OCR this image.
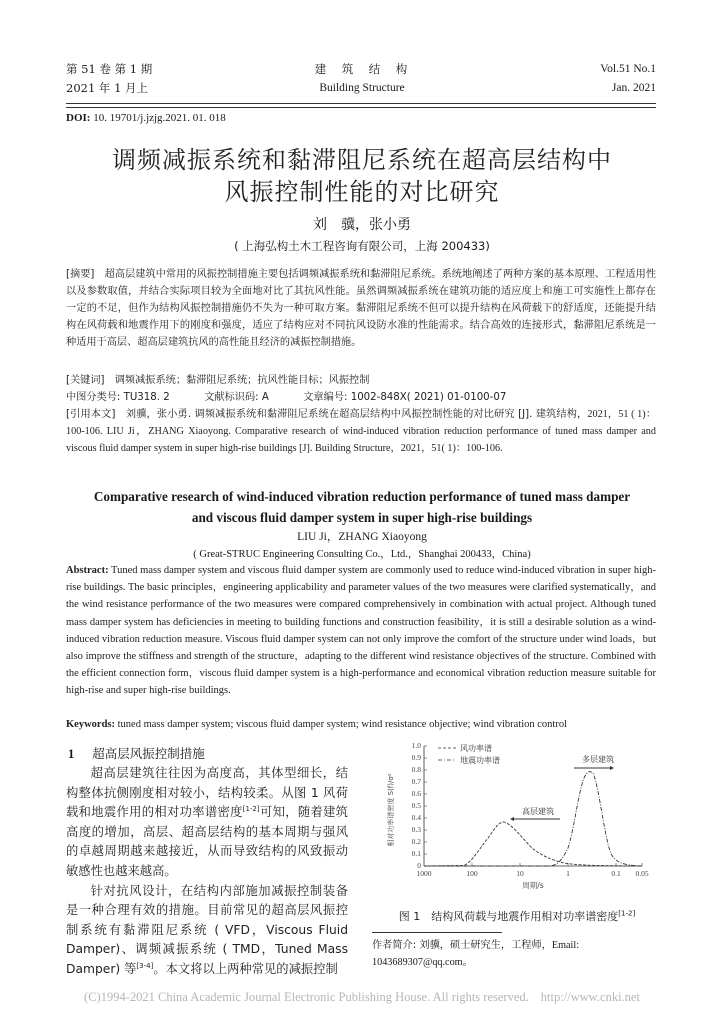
第 51 卷 第 1 期
2021 年 1 月上
建　筑　结　构
Building Structure
Vol.51 No.1
Jan. 2021
DOI: 10. 19701/j.jzjg.2021. 01. 018
调频减振系统和黏滞阻尼系统在超高层结构中
风振控制性能的对比研究
刘　骥，张小勇
( 上海弘构土木工程咨询有限公司，上海 200433)
[摘要]　超高层建筑中常用的风振控制措施主要包括调频减振系统和黏滞阻尼系统。系统地阐述了两种方案的基本原理、工程适用性以及参数取值，并结合实际项目较为全面地对比了其抗风性能。虽然调频减振系统在建筑功能的适应度上和施工可实施性上都存在一定的不足，但作为结构风振控制措施仍不失为一种可取方案。黏滞阻尼系统不但可以提升结构在风荷载下的舒适度，还能提升结构在风荷载和地震作用下的刚度和强度，适应了结构应对不同抗风设防水准的性能需求。结合高效的连接形式，黏滞阻尼系统是一种适用于高层、超高层建筑抗风的高性能且经济的减振控制措施。
[关键词]　调频减振系统；黏滞阻尼系统；抗风性能目标；风振控制
中图分类号: TU318. 2	文献标识码: A	文章编号: 1002-848X( 2021) 01-0100-07
[引用本文]　刘骥，张小勇. 调频减振系统和黏滞阻尼系统在超高层结构中风振控制性能的对比研究 [J]. 建筑结构，2021，51 ( 1)：100-106. LIU Ji，ZHANG Xiaoyong. Comparative research of wind-induced vibration reduction performance of tuned mass damper and viscous fluid damper system in super high-rise buildings [J]. Building Structure，2021，51( 1)：100-106.
Comparative research of wind-induced vibration reduction performance of tuned mass damper
and viscous fluid damper system in super high-rise buildings
LIU Ji，ZHANG Xiaoyong
( Great-STRUC Engineering Consulting Co.，Ltd.，Shanghai 200433，China)
Abstract: Tuned mass damper system and viscous fluid damper system are commonly used to reduce wind-induced vibration in super high-rise buildings. The basic principles，engineering applicability and parameter values of the two measures were clarified systematically，and the wind resistance performance of the two measures were compared comprehensively in combination with actual project. Although tuned mass damper system has deficiencies in meeting to building functions and construction feasibility，it is still a desirable solution as a wind-induced vibration reduction measure. Viscous fluid damper system can not only improve the comfort of the structure under wind loads，but also improve the stiffness and strength of the structure，adapting to the different wind resistance objectives of the structure. Combined with the efficient connection form，viscous fluid damper system is a high-performance and economical vibration reduction measure suitable for high-rise and super high-rise buildings.
Keywords: tuned mass damper system; viscous fluid damper system; wind resistance objective; wind vibration control
1 超高层风振控制措施

超高层建筑往往因为高度高，其体型细长，结构整体抗侧刚度相对较小，结构较柔。从图 1 风荷载和地震作用的相对功率谱密度[1-2]可知，随着建筑高度的增加，高层、超高层结构的基本周期与强风的卓越周期越来越接近，从而导致结构的风致振动敏感性也越来越高。

针对抗风设计，在结构内部施加减振控制装备是一种合理有效的措施。目前常见的超高层风振控制系统有黏滞阻尼系统 ( VFD，Viscous Fluid Damper)、调频减振系统 ( TMD，Tuned Mass Damper) 等[3-4]。本文将以上两种常见的减振控制

0
0.1
0.2
0.3
0.4
0.5
0.6
0.7
0.8
0.9
1.0
1000	100	10	1	0.1 0.05
周期/s
相对功率谱密度 S(f)/σ²
风功率谱
地震功率谱	多层建筑
高层建筑
图 1　结构风荷载与地震作用相对功率谱密度[1-2]
作者简介: 刘骥，硕士研究生，工程师，Email: 1043689307@qq.com。
(C)1994-2021 China Academic Journal Electronic Publishing House. All rights reserved. http://www.cnki.net
